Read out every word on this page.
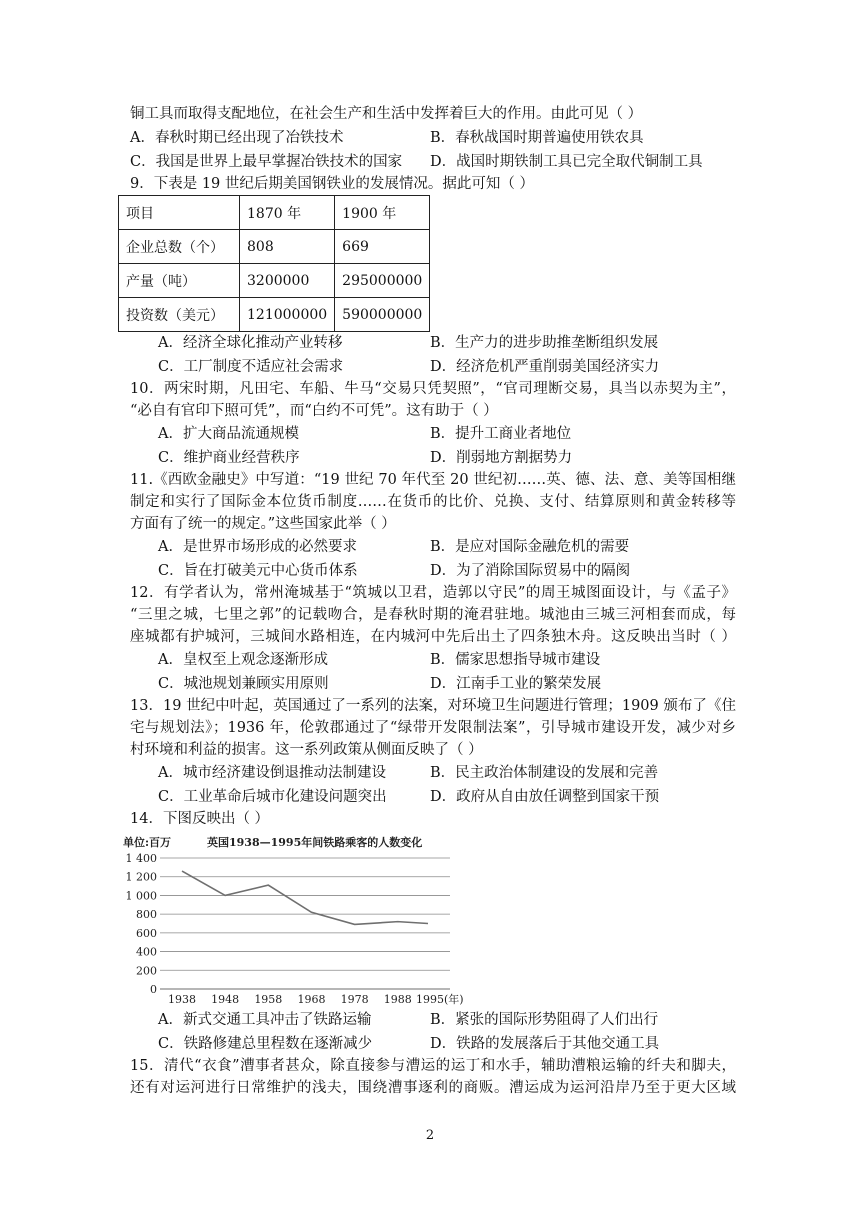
铜工具而取得支配地位，在社会生产和生活中发挥着巨大的作用。由此可见（ ）
A．春秋时期已经出现了冶铁技术	B．春秋战国时期普遍使用铁农具
C．我国是世界上最早掌握冶铁技术的国家 D．战国时期铁制工具已完全取代铜制工具
9．下表是 19 世纪后期美国钢铁业的发展情况。据此可知（ ）
项目	1870 年	1900 年
企业总数（个）	808	669
产量（吨）	3200000	295000000
投资数（美元）	121000000	590000000
A．经济全球化推动产业转移	B．生产力的进步助推垄断组织发展
C．工厂制度不适应社会需求	D．经济危机严重削弱美国经济实力
10．两宋时期，凡田宅、车船、牛马“交易只凭契照”，“官司理断交易，具当以赤契为主”，
“必自有官印下照可凭”，而“白约不可凭”。这有助于（ ）
A．扩大商品流通规模	B．提升工商业者地位
C．维护商业经营秩序	D．削弱地方割据势力
11.《西欧金融史》中写道：“19 世纪 70 年代至 20 世纪初……英、德、法、意、美等国相继
制定和实行了国际金本位货币制度……在货币的比价、兑换、支付、结算原则和黄金转移等
方面有了统一的规定。”这些国家此举（ ）
A．是世界市场形成的必然要求	B．是应对国际金融危机的需要
C．旨在打破美元中心货币体系	D．为了消除国际贸易中的隔阂
12．有学者认为，常州淹城基于“筑城以卫君，造郭以守民”的周王城图面设计，与《孟子》
“三里之城，七里之郭”的记载吻合，是春秋时期的淹君驻地。城池由三城三河相套而成，每
座城都有护城河，三城间水路相连，在内城河中先后出土了四条独木舟。这反映出当时（ ）
A．皇权至上观念逐渐形成	B．儒家思想指导城市建设
C．城池规划兼顾实用原则	D．江南手工业的繁荣发展
13．19 世纪中叶起，英国通过了一系列的法案，对环境卫生问题进行管理；1909 颁布了《住
宅与规划法》；1936 年，伦敦郡通过了“绿带开发限制法案”，引导城市建设开发，减少对乡
村环境和利益的损害。这一系列政策从侧面反映了（ ）
A．城市经济建设倒退推动法制建设	B．民主政治体制建设的发展和完善
C．工业革命后城市化建设问题突出	D．政府从自由放任调整到国家干预
14．下图反映出（ ）
单位:百万	英国1938—1995年间铁路乘客的人数变化
1 400
1 200
1 000
800
600
400
200
0
1938 1948 1958 1968 1978 1988 1995(年)
A．新式交通工具冲击了铁路运输	B．紧张的国际形势阻碍了人们出行
C．铁路修建总里程数在逐渐减少	D．铁路的发展落后于其他交通工具
15．清代“衣食”漕事者甚众，除直接参与漕运的运丁和水手，辅助漕粮运输的纤夫和脚夫，
还有对运河进行日常维护的浅夫，围绕漕事逐利的商贩。漕运成为运河沿岸乃至于更大区域
2
